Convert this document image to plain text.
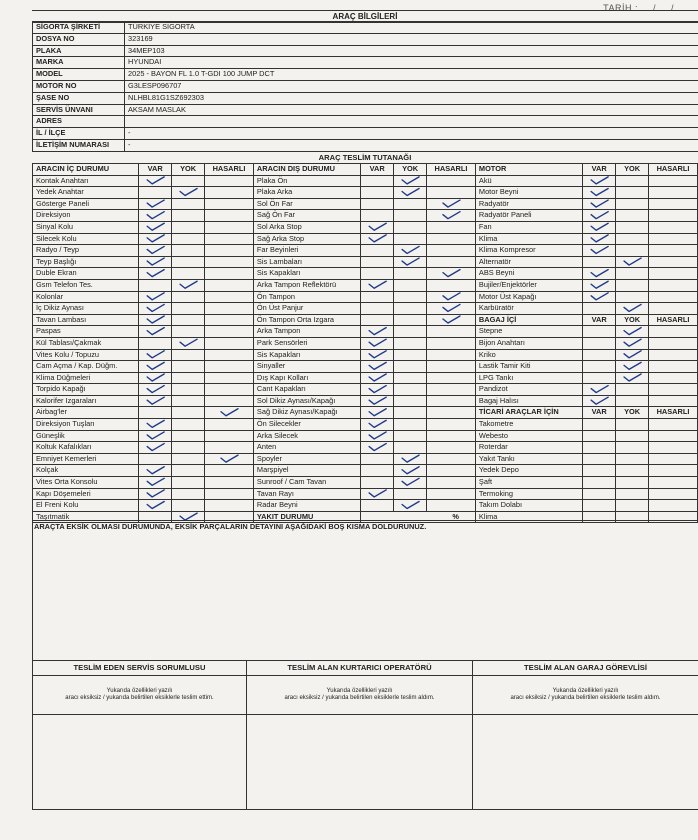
TARİH : ..../.... /......
ARAÇ BİLGİLERİ
SİGORTA ŞİRKETİ	TÜRKİYE SİGORTA
DOSYA NO	323169
PLAKA	34MEP103
MARKA	HYUNDAI
MODEL	2025 - BAYON FL 1.0 T-GDI 100 JUMP DCT
MOTOR NO	G3LESP096707
ŞASE NO	NLHBL81G1SZ692303
SERVİS ÜNVANI	AKSAM MASLAK
ADRES	
İL / İLÇE	-
İLETİŞİM NUMARASI	-
ARAÇ TESLİM TUTANAĞI
ARACIN İÇ DURUMU	VAR	YOK	HASARLI	ARACIN DIŞ DURUMU	VAR	YOK	HASARLI	MOTOR	VAR	YOK	HASARLI
Kontak Anahtarı				Plaka Ön				Akü			
Yedek Anahtar				Plaka Arka				Motor Beyni			
Gösterge Paneli				Sol Ön Far				Radyatör			
Direksiyon				Sağ Ön Far				Radyatör Paneli			
Sinyal Kolu				Sol Arka Stop				Fan			
Silecek Kolu				Sağ Arka Stop				Klima			
Radyo / Teyp				Far Beyinleri				Klima Kompresor			
Teyp Başlığı				Sis Lambaları				Alternatör			
Duble Ekran				Sis Kapakları				ABS Beyni			
Gsm Telefon Tes.				Arka Tampon Reflektörü				Bujiler/Enjektörler			
Kolonlar				Ön Tampon				Motor Üst Kapağı			
İç Dikiz Aynası				Ön Üst Panjur				Karbüratör			
Tavan Lambası				Ön Tampon Orta Izgara				BAGAJ İÇİ	VAR	YOK	HASARLI
Paspas				Arka Tampon				Stepne			
Kül Tablası/Çakmak				Park Sensörleri				Bijon Anahtarı			
Vites Kolu / Topuzu				Sis Kapakları				Kriko			
Cam Açma / Kap. Düğm.				Sinyaller				Lastik Tamir Kiti			
Klima Düğmeleri				Dış Kapı Kolları				LPG Tankı			
Torpido Kapağı				Cant Kapakları				Pandizot			
Kalorifer Izgaraları				Sol Dikiz Aynası/Kapağı				Bagaj Halısı			
Airbag'ler				Sağ Dikiz Aynası/Kapağı				TİCARİ ARAÇLAR İÇİN	VAR	YOK	HASARLI
Direksiyon Tuşları				Ön Silecekler				Takometre			
Güneşlik				Arka Silecek				Webesto			
Koltuk Kafalıkları				Anten				Roterdar			
Emniyet Kemerleri				Spoyler				Yakıt Tankı			
Kolçak				Marşpiyel				Yedek Depo			
Vites Orta Konsolu				Sunroof / Cam Tavan				Şaft			
Kapı Döşemeleri				Tavan Rayı				Termoking			
El Freni Kolu				Radar Beyni				Takım Dolabı			
Taşıtmatik				YAKIT DURUMU	%			Klima			
ARAÇTA EKSİK OLMASI DURUMUNDA, EKSİK PARÇALARIN DETAYINI AŞAĞIDAKİ BOŞ KISMA DOLDURUNUZ.
TESLİM EDEN SERVİS SORUMLUSU	TESLİM ALAN KURTARICI OPERATÖRÜ	TESLİM ALAN GARAJ GÖREVLİSİ
Yukarıda özellikleri yazılı
aracı eksiksiz / yukarıda belirtilen eksiklerle teslim ettim.	Yukarıda özellikleri yazılı
aracı eksiksiz / yukarıda belirtilen eksiklerle teslim aldım.	Yukarıda özellikleri yazılı
aracı eksiksiz / yukarıda belirtilen eksiklerle teslim aldım.
